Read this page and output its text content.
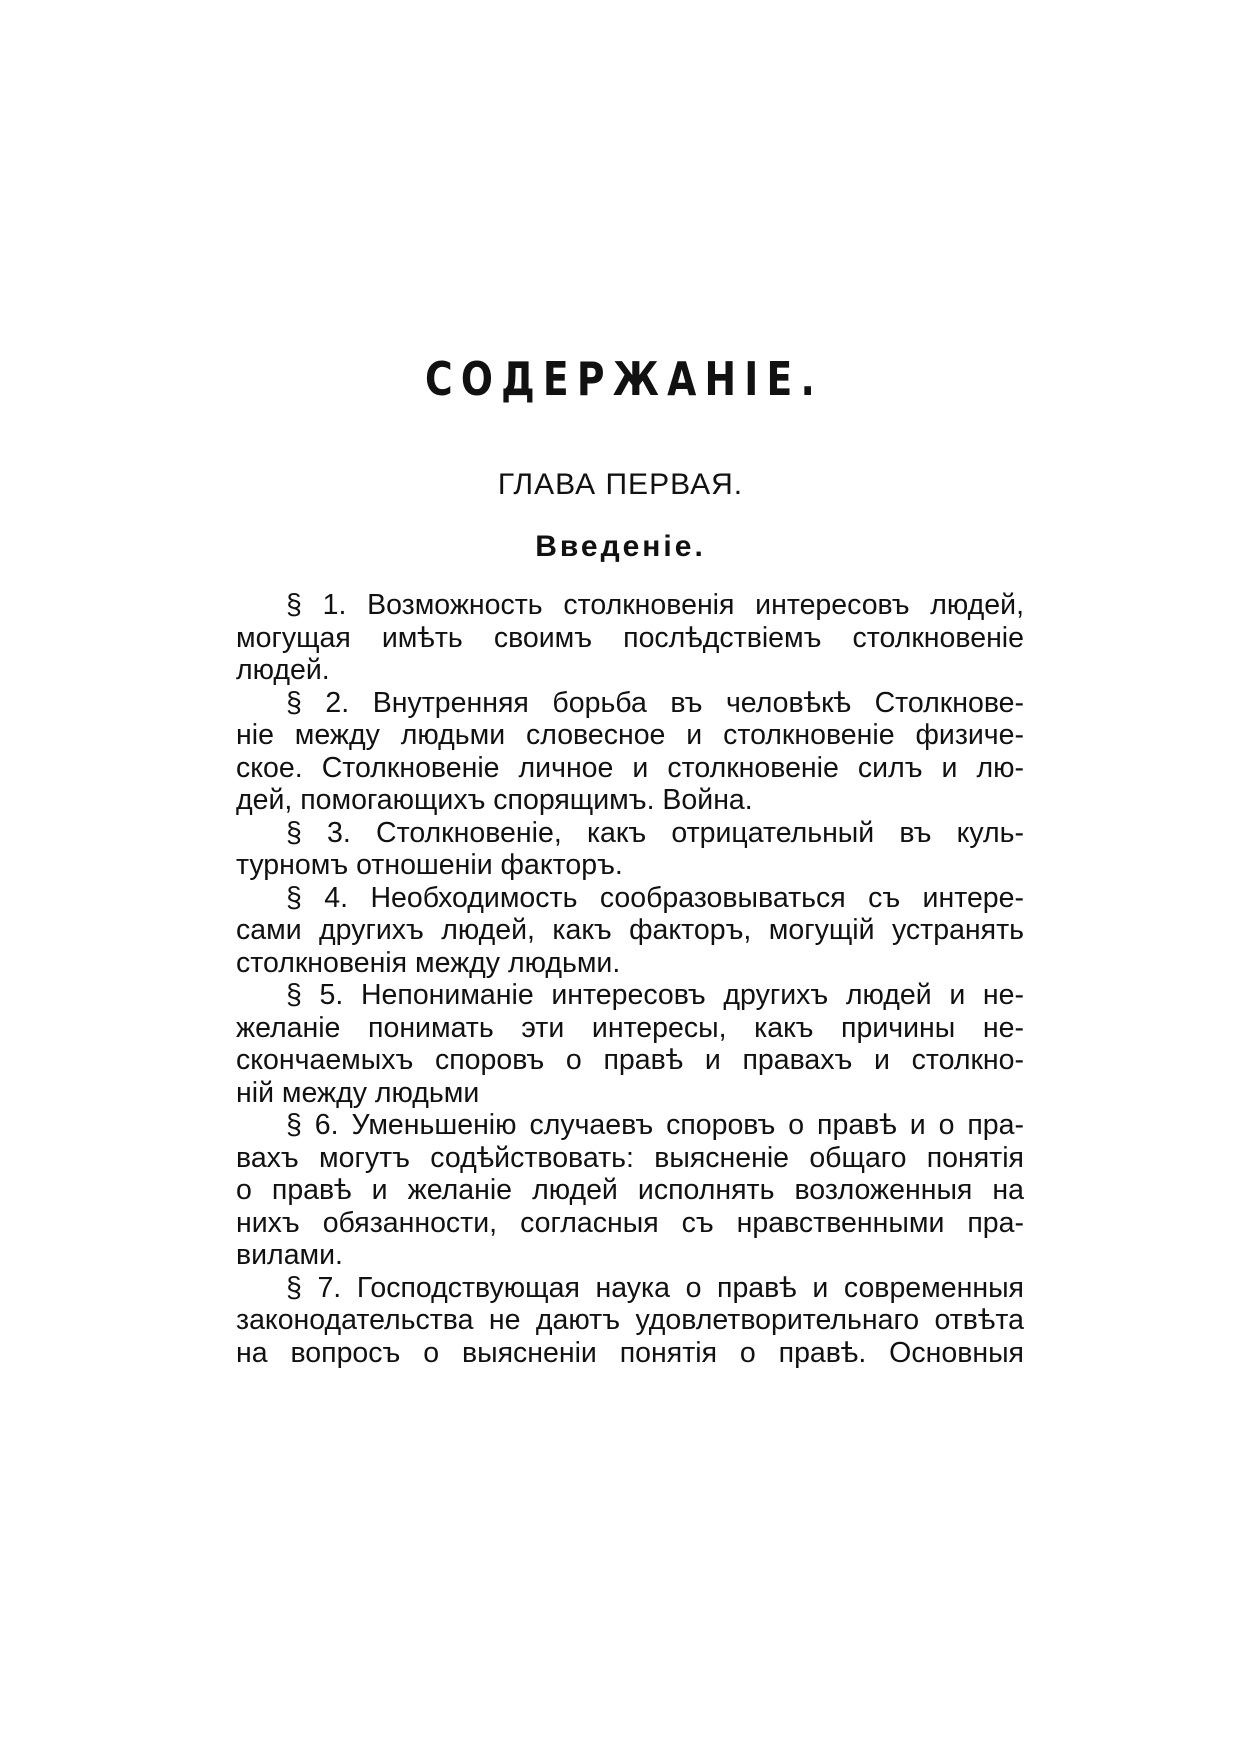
СОДЕРЖАНІЕ.
ГЛАВА ПЕРВАЯ.
Введеніе.
§ 1. Возможность столкновенія интересовъ людей,
могущая имѣть своимъ послѣдствіемъ столкновеніе
людей.
§ 2. Внутренняя борьба въ человѣкѣ Столкнове-
ніе между людьми словесное и столкновеніе физиче-
ское. Столкновеніе личное и столкновеніе силъ и лю-
дей, помогающихъ спорящимъ. Война.
§ 3. Столкновеніе, какъ отрицательный въ куль-
турномъ отношеніи факторъ.
§ 4. Необходимость сообразовываться съ интере-
сами другихъ людей, какъ факторъ, могущій устранять
столкновенія между людьми.
§ 5. Непониманіе интересовъ другихъ людей и не-
желаніе понимать эти интересы, какъ причины не-
скончаемыхъ споровъ о правѣ и правахъ и столкно-
ній между людьми
§ 6. Уменьшенію случаевъ споровъ о правѣ и о пра-
вахъ могутъ содѣйствовать: выясненіе общаго понятія
о правѣ и желаніе людей исполнять возложенныя на
нихъ обязанности, согласныя съ нравственными пра-
вилами.
§ 7. Господствующая наука о правѣ и современныя
законодательства не даютъ удовлетворительнаго отвѣта
на вопросъ о выясненіи понятія о правѣ. Основныя
